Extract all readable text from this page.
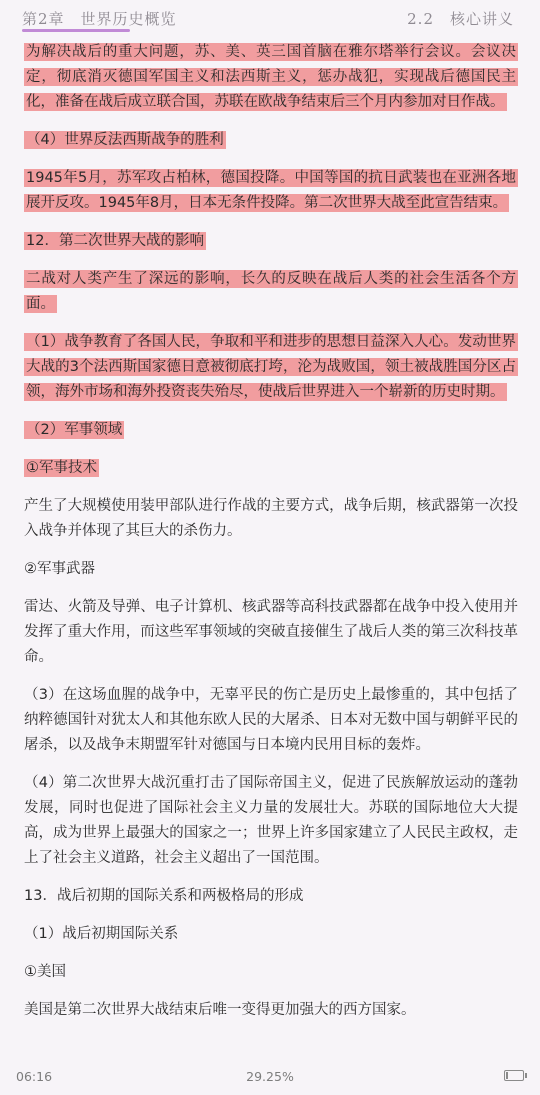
第2章　世界历史概览	2.2　核心讲义

为解决战后的重大问题，苏、美、英三国首脑在雅尔塔举行会议。会议决定，彻底消灭德国军国主义和法西斯主义，惩办战犯，实现战后德国民主化，准备在战后成立联合国，苏联在欧战争结束后三个月内参加对日作战。

（4）世界反法西斯战争的胜利

1945年5月，苏军攻占柏林，德国投降。中国等国的抗日武装也在亚洲各地展开反攻。1945年8月，日本无条件投降。第二次世界大战至此宣告结束。

12．第二次世界大战的影响

二战对人类产生了深远的影响，长久的反映在战后人类的社会生活各个方面。

（1）战争教育了各国人民，争取和平和进步的思想日益深入人心。发动世界大战的3个法西斯国家德日意被彻底打垮，沦为战败国，领土被战胜国分区占领，海外市场和海外投资丧失殆尽，使战后世界进入一个崭新的历史时期。

（2）军事领域

①军事技术

产生了大规模使用装甲部队进行作战的主要方式，战争后期，核武器第一次投入战争并体现了其巨大的杀伤力。

②军事武器

雷达、火箭及导弹、电子计算机、核武器等高科技武器都在战争中投入使用并发挥了重大作用，而这些军事领域的突破直接催生了战后人类的第三次科技革命。

（3）在这场血腥的战争中，无辜平民的伤亡是历史上最惨重的，其中包括了纳粹德国针对犹太人和其他东欧人民的大屠杀、日本对无数中国与朝鲜平民的屠杀，以及战争末期盟军针对德国与日本境内民用目标的轰炸。

（4）第二次世界大战沉重打击了国际帝国主义，促进了民族解放运动的蓬勃发展，同时也促进了国际社会主义力量的发展壮大。苏联的国际地位大大提高，成为世界上最强大的国家之一；世界上许多国家建立了人民民主政权，走上了社会主义道路，社会主义超出了一国范围。

13．战后初期的国际关系和两极格局的形成

（1）战后初期国际关系

①美国

美国是第二次世界大战结束后唯一变得更加强大的西方国家。

06:16	29.25%
